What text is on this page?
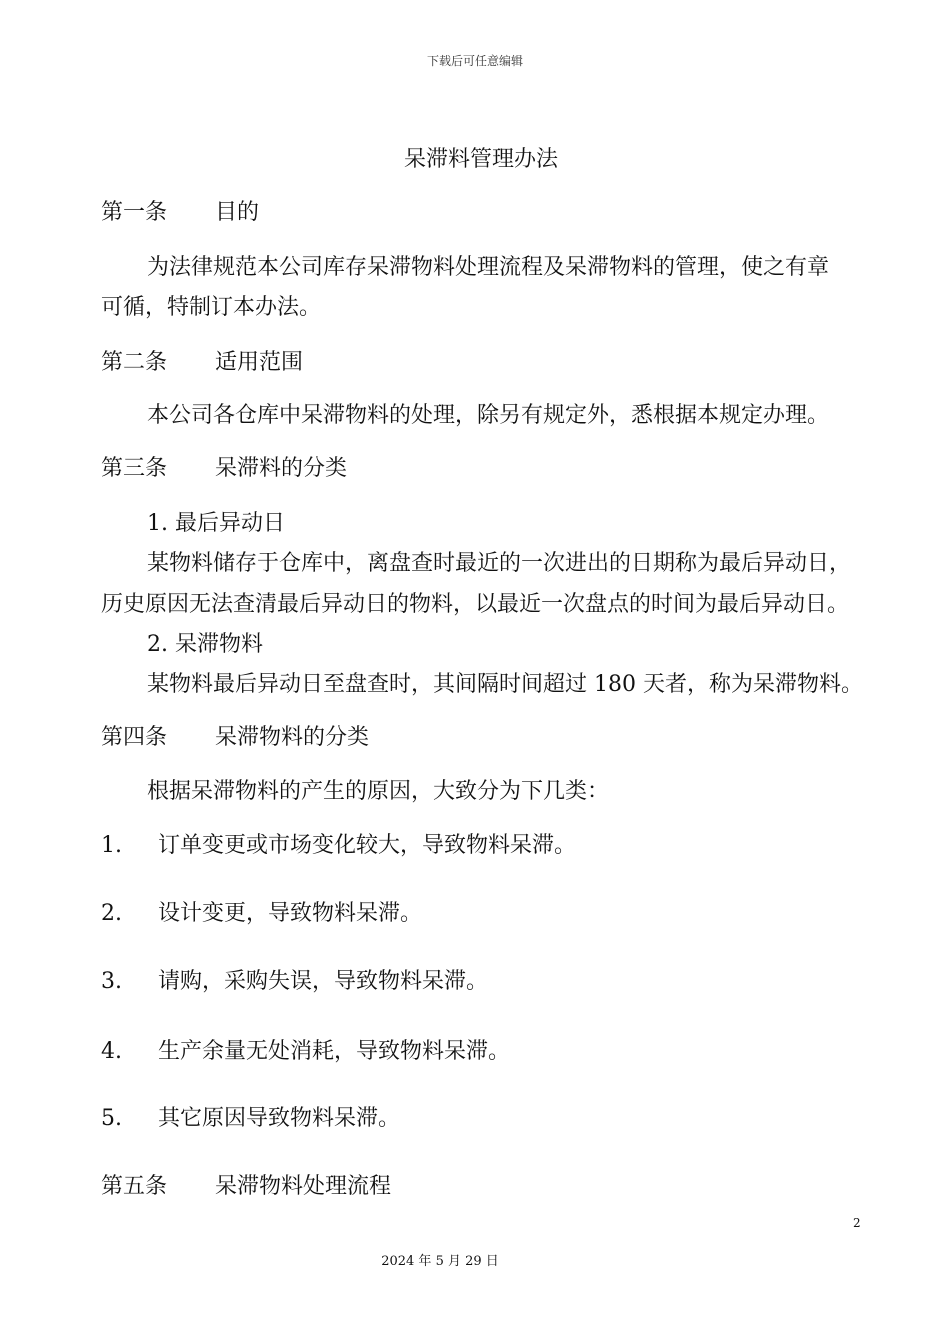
下载后可任意编辑
呆滞料管理办法
第一条 目的
为法律规范本公司库存呆滞物料处理流程及呆滞物料的管理，使之有章
可循，特制订本办法。
第二条 适用范围
本公司各仓库中呆滞物料的处理，除另有规定外，悉根据本规定办理。
第三条 呆滞料的分类
1. 最后异动日
某物料储存于仓库中，离盘查时最近的一次进出的日期称为最后异动日，
历史原因无法查清最后异动日的物料，以最近一次盘点的时间为最后异动日。
2. 呆滞物料
某物料最后异动日至盘查时，其间隔时间超过 180 天者，称为呆滞物料。
第四条 呆滞物料的分类
根据呆滞物料的产生的原因，大致分为下几类：
1. 订单变更或市场变化较大，导致物料呆滞。
2. 设计变更，导致物料呆滞。
3. 请购，采购失误，导致物料呆滞。
4. 生产余量无处消耗，导致物料呆滞。
5. 其它原因导致物料呆滞。
第五条 呆滞物料处理流程
2
2024 年 5 月 29 日
